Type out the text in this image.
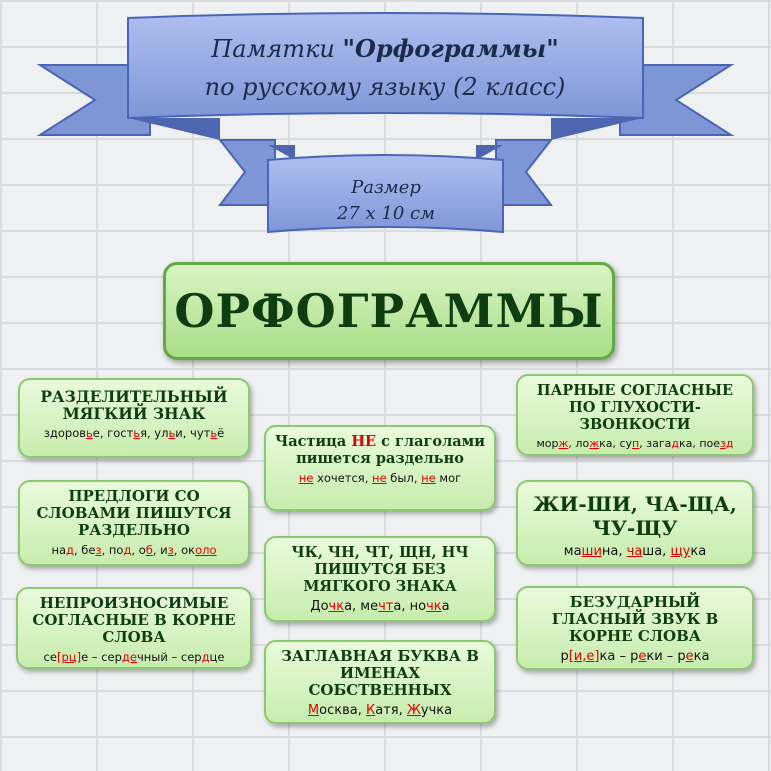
Памятки "Орфограммы"
по русскому языку (2 класс)
Размер
27 х 10 см
ОРФОГРАММЫ
РАЗДЕЛИТЕЛЬНЫЙ МЯГКИЙ ЗНАК
здоровье, гостья, ульи, чутьё
ПРЕДЛОГИ СО СЛОВАМИ ПИШУТСЯ РАЗДЕЛЬНО
над, без, под, об, из, около
НЕПРОИЗНОСИМЫЕ СОГЛАСНЫЕ В КОРНЕ СЛОВА
се[рц]е – сердечный – сердце
Частица НЕ с глаголами пишется раздельно
не хочется, не был, не мог
ЧК, ЧН, ЧТ, ЩН, НЧ ПИШУТСЯ БЕЗ МЯГКОГО ЗНАКА
Дочка, мечта, ночка
ЗАГЛАВНАЯ БУКВА В ИМЕНАХ СОБСТВЕННЫХ
Москва, Катя, Жучка
ПАРНЫЕ СОГЛАСНЫЕ ПО ГЛУХОСТИ-ЗВОНКОСТИ
морж, ложка, суп, загадка, поезд
ЖИ-ШИ, ЧА-ЩА, ЧУ-ЩУ
машина, чаша, щука
БЕЗУДАРНЫЙ ГЛАСНЫЙ ЗВУК В КОРНЕ СЛОВА
р[и,е]ка – реки – река
